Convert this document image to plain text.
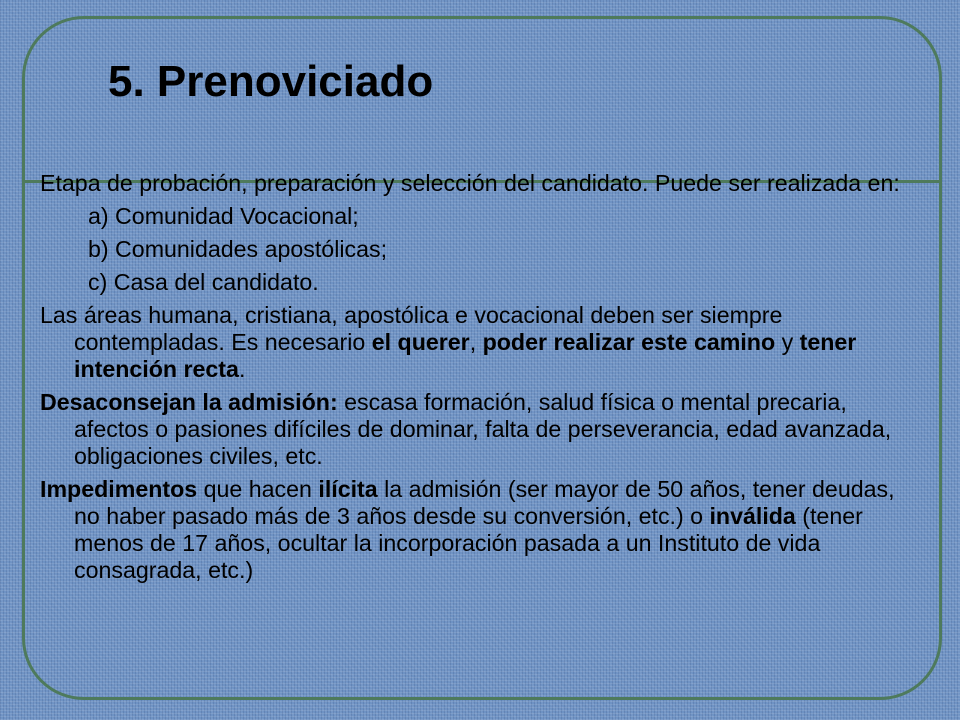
5. Prenoviciado

Etapa de probación, preparación y selección del candidato. Puede ser realizada en:

a) Comunidad Vocacional;

b) Comunidades apostólicas;

c) Casa del candidato.

Las áreas humana, cristiana, apostólica e vocacional deben ser siempre contempladas. Es necesario el querer, poder realizar este camino y tener intención recta.

Desaconsejan la admisión: escasa formación, salud física o mental precaria, afectos o pasiones difíciles de dominar, falta de perseverancia, edad avanzada, obligaciones civiles, etc.

Impedimentos que hacen ilícita la admisión (ser mayor de 50 años, tener deudas, no haber pasado más de 3 años desde su conversión, etc.) o inválida (tener menos de 17 años, ocultar la incorporación pasada a un Instituto de vida consagrada, etc.)
